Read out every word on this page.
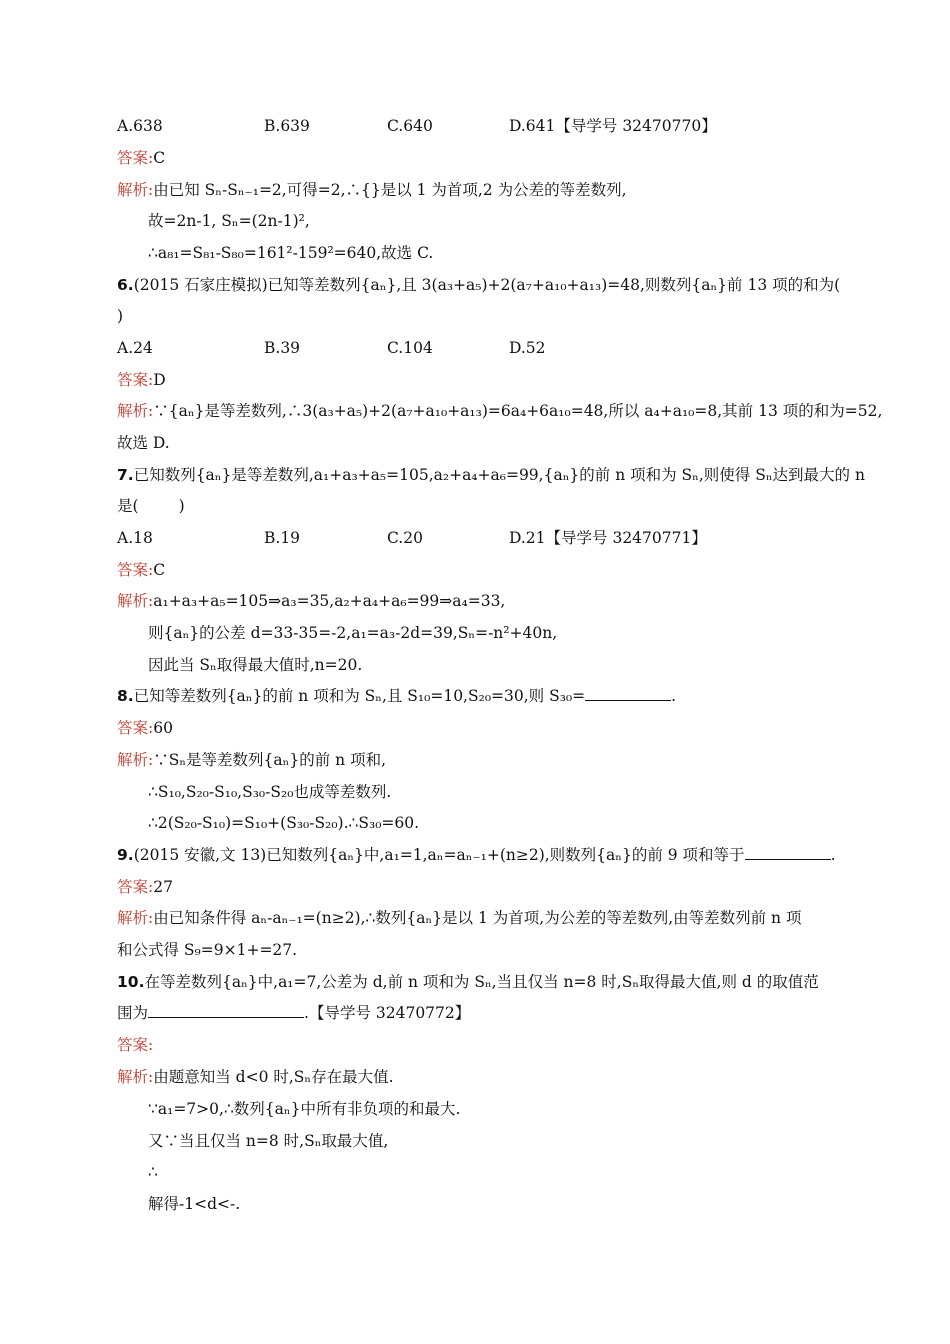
A.638	B.639	C.640	D.641【导学号 32470770】
答案:C
解析:由已知 Sₙ-Sₙ₋₁=2,可得=2,∴{}是以 1 为首项,2 为公差的等差数列,
故=2n-1, Sₙ=(2n-1)²,
∴a₈₁=S₈₁-S₈₀=161²-159²=640,故选 C.
6.(2015 石家庄模拟)已知等差数列{aₙ},且 3(a₃+a₅)+2(a₇+a₁₀+a₁₃)=48,则数列{aₙ}前 13 项的和为(
)
A.24	B.39	C.104	D.52
答案:D
解析:∵{aₙ}是等差数列,∴3(a₃+a₅)+2(a₇+a₁₀+a₁₃)=6a₄+6a₁₀=48,所以 a₄+a₁₀=8,其前 13 项的和为=52,
故选 D.
7.已知数列{aₙ}是等差数列,a₁+a₃+a₅=105,a₂+a₄+a₆=99,{aₙ}的前 n 项和为 Sₙ,则使得 Sₙ达到最大的 n
是(	)
A.18	B.19	C.20	D.21【导学号 32470771】
答案:C
解析:a₁+a₃+a₅=105⇒a₃=35,a₂+a₄+a₆=99⇒a₄=33,
则{aₙ}的公差 d=33-35=-2,a₁=a₃-2d=39,Sₙ=-n²+40n,
因此当 Sₙ取得最大值时,n=20.
8.已知等差数列{aₙ}的前 n 项和为 Sₙ,且 S₁₀=10,S₂₀=30,则 S₃₀=	.
答案:60
解析:∵Sₙ是等差数列{aₙ}的前 n 项和,
∴S₁₀,S₂₀-S₁₀,S₃₀-S₂₀也成等差数列.
∴2(S₂₀-S₁₀)=S₁₀+(S₃₀-S₂₀).∴S₃₀=60.
9.(2015 安徽,文 13)已知数列{aₙ}中,a₁=1,aₙ=aₙ₋₁+(n≥2),则数列{aₙ}的前 9 项和等于	.
答案:27
解析:由已知条件得 aₙ-aₙ₋₁=(n≥2),∴数列{aₙ}是以 1 为首项,为公差的等差数列,由等差数列前 n 项
和公式得 S₉=9×1+=27.
10.在等差数列{aₙ}中,a₁=7,公差为 d,前 n 项和为 Sₙ,当且仅当 n=8 时,Sₙ取得最大值,则 d 的取值范
围为	.【导学号 32470772】
答案:
解析:由题意知当 d<0 时,Sₙ存在最大值.
∵a₁=7>0,∴数列{aₙ}中所有非负项的和最大.
又∵当且仅当 n=8 时,Sₙ取最大值,
∴
解得-1<d<-.
